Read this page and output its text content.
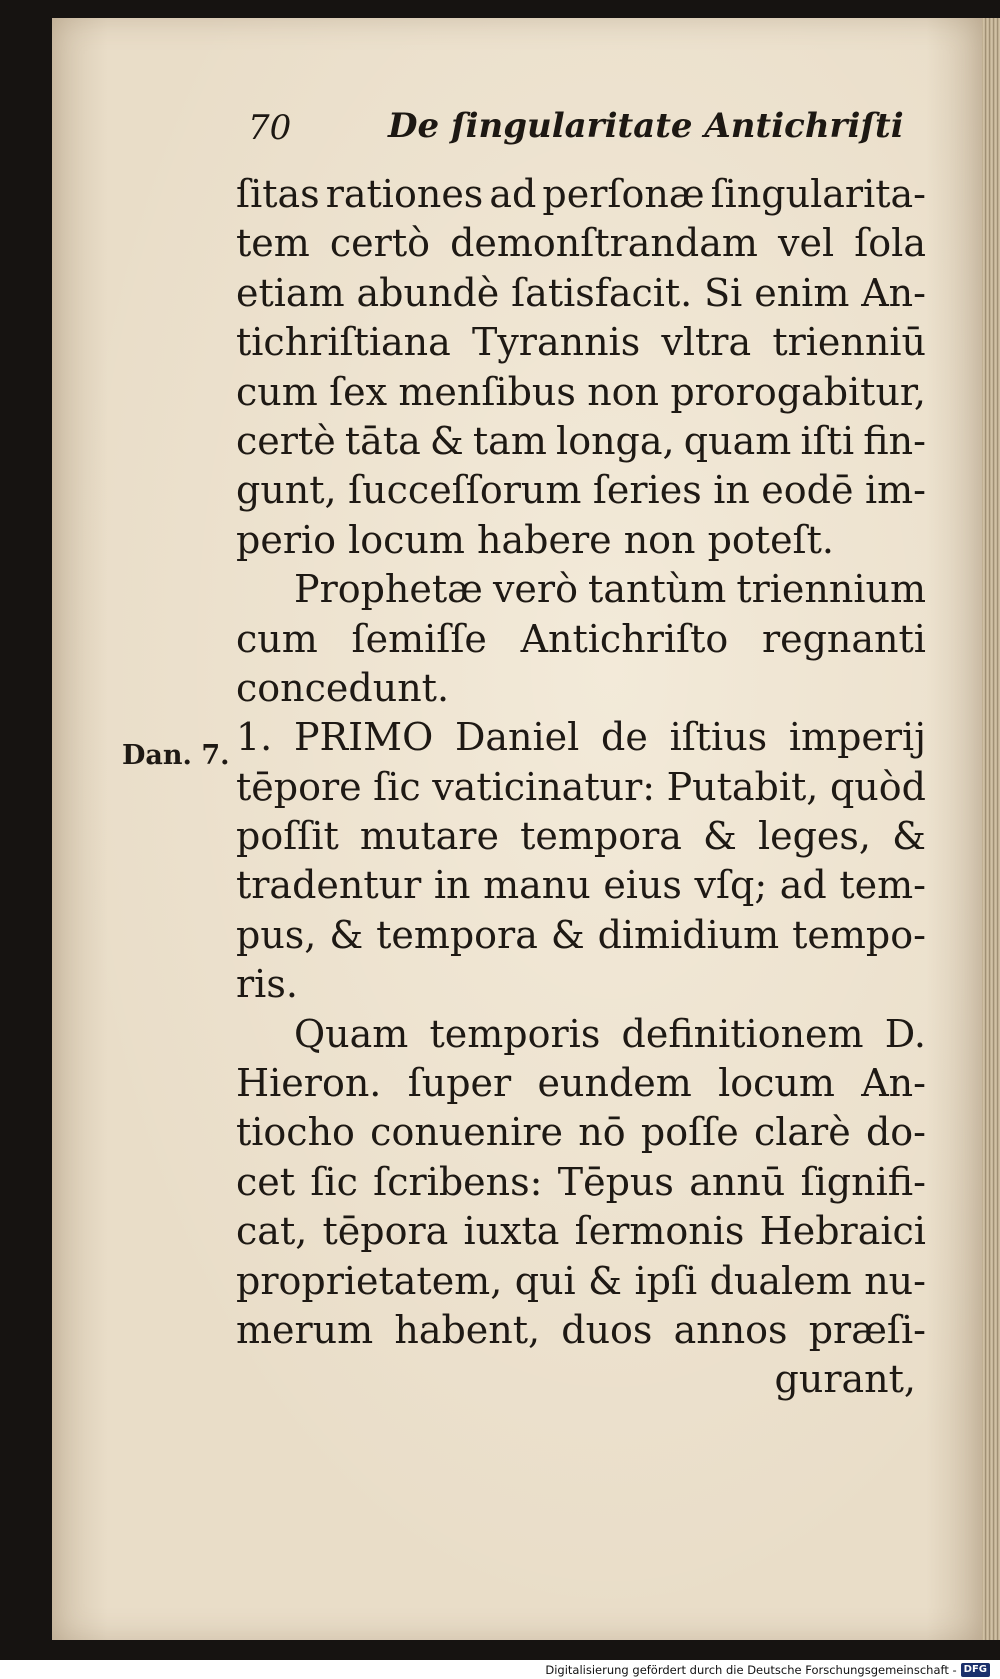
70	De ſingularitate Antichriſti
Dan. 7.
ſitas rationes ad perſonæ ſingularita-
tem certò demonſtrandam vel ſola
etiam abundè ſatisfacit. Si enim An-
tichriſtiana Tyrannis vltra trienniū
cum ſex menſibus non prorogabitur,
certè tāta & tam longa, quam iſti fin-
gunt, ſucceſſorum ſeries in eodē im-
perio locum habere non poteſt.
Prophetæ verò tantùm triennium
cum ſemiſſe Antichriſto regnanti
concedunt.
1. PRIMO Daniel de iſtius imperij
tēpore ſic vaticinatur: Putabit, quòd
poſſit mutare tempora & leges, &
tradentur in manu eius vſq; ad tem-
pus, & tempora & dimidium tempo-
ris.
Quam temporis definitionem D.
Hieron. ſuper eundem locum An-
tiocho conuenire nō poſſe clarè do-
cet ſic ſcribens: Tēpus annū ſignifi-
cat, tēpora iuxta ſermonis Hebraici
proprietatem, qui & ipſi dualem nu-
merum habent, duos annos præſi-
gurant,
Digitalisierung gefördert durch die Deutsche Forschungsgemeinschaft - DFG
